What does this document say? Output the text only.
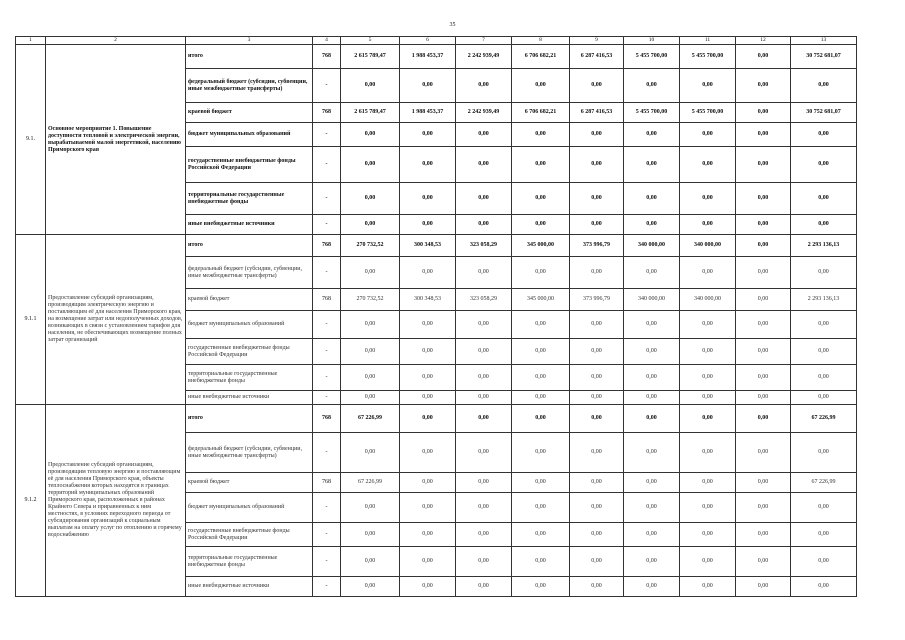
35
1	2	3	4	5	6	7	8	9	10	11	12	13
9.1.	Основное мероприятие 1. Повышение доступности тепловой и электрической энергии, вырабатываемой малой энергетикой, населению Приморского края	итого	768	2 615 789,47	1 988 453,37	2 242 939,49	6 706 682,21	6 287 416,53	5 455 700,00	5 455 700,00	0,00	30 752 681,07
		федеральный бюджет (субсидии, субвенции, иные межбюджетные трансферты)	-	0,00	0,00	0,00	0,00	0,00	0,00	0,00	0,00	0,00
		краевой бюджет	768	2 615 789,47	1 988 453,37	2 242 939,49	6 706 682,21	6 287 416,53	5 455 700,00	5 455 700,00	0,00	30 752 681,07
		бюджет муниципальных образований	-	0,00	0,00	0,00	0,00	0,00	0,00	0,00	0,00	0,00
		государственные внебюджетные фонды Российской Федерации	-	0,00	0,00	0,00	0,00	0,00	0,00	0,00	0,00	0,00
		территориальные государственные внебюджетные фонды	-	0,00	0,00	0,00	0,00	0,00	0,00	0,00	0,00	0,00
		иные внебюджетные источники	-	0,00	0,00	0,00	0,00	0,00	0,00	0,00	0,00	0,00
9.1.1	Предоставление субсидий организациям, производящим электрическую энергию и поставляющим её для населения Приморского края, на возмещение затрат или недополученных доходов, возникающих в связи с установлением тарифов для населения, не обеспечивающих возмещение полных затрат организаций	итого	768	270 732,52	300 348,53	323 058,29	345 000,00	373 996,79	340 000,00	340 000,00	0,00	2 293 136,13
		федеральный бюджет (субсидии, субвенции, иные межбюджетные трансферты)	-	0,00	0,00	0,00	0,00	0,00	0,00	0,00	0,00	0,00
		краевой бюджет	768	270 732,52	300 348,53	323 058,29	345 000,00	373 996,79	340 000,00	340 000,00	0,00	2 293 136,13
		бюджет муниципальных образований	-	0,00	0,00	0,00	0,00	0,00	0,00	0,00	0,00	0,00
		государственные внебюджетные фонды Российской Федерации	-	0,00	0,00	0,00	0,00	0,00	0,00	0,00	0,00	0,00
		территориальные государственные внебюджетные фонды	-	0,00	0,00	0,00	0,00	0,00	0,00	0,00	0,00	0,00
		иные внебюджетные источники	-	0,00	0,00	0,00	0,00	0,00	0,00	0,00	0,00	0,00
9.1.2	Предоставление субсидий организациям, производящим тепловую энергию и поставляющим её для населения Приморского края, объекты теплоснабжения которых находятся в границах территорий муниципальных образований Приморского края, расположенных в районах Крайнего Севера и приравненных к ним местностях, в условиях переходного периода от субсидирования организаций к социальным выплатам на оплату услуг по отоплению и горячему водоснабжению	итого	768	67 226,99	0,00	0,00	0,00	0,00	0,00	0,00	0,00	67 226,99
		федеральный бюджет (субсидии, субвенции, иные межбюджетные трансферты)	-	0,00	0,00	0,00	0,00	0,00	0,00	0,00	0,00	0,00
		краевой бюджет	768	67 226,99	0,00	0,00	0,00	0,00	0,00	0,00	0,00	67 226,99
		бюджет муниципальных образований	-	0,00	0,00	0,00	0,00	0,00	0,00	0,00	0,00	0,00
		государственные внебюджетные фонды Российской Федерации	-	0,00	0,00	0,00	0,00	0,00	0,00	0,00	0,00	0,00
		территориальные государственные внебюджетные фонды	-	0,00	0,00	0,00	0,00	0,00	0,00	0,00	0,00	0,00
		иные внебюджетные источники	-	0,00	0,00	0,00	0,00	0,00	0,00	0,00	0,00	0,00
